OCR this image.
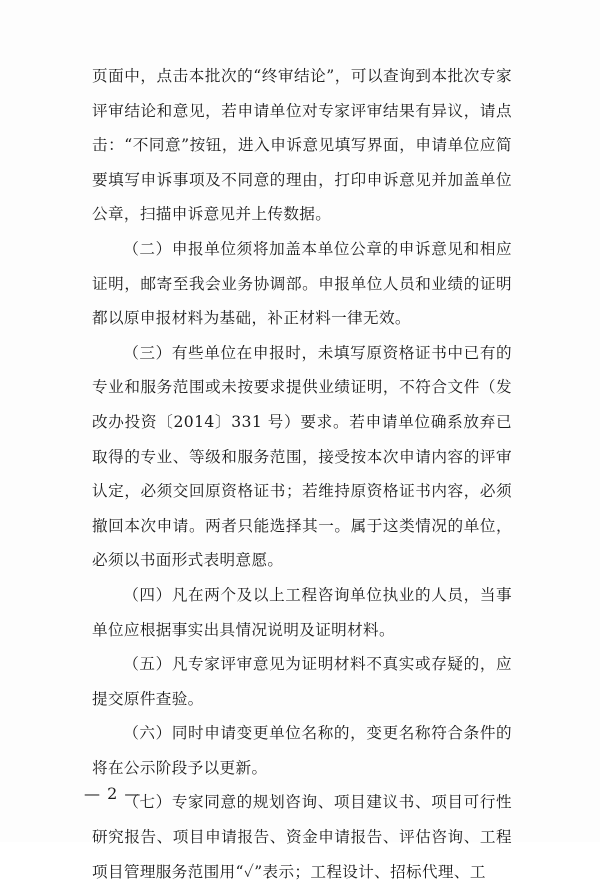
页面中，点击本批次的“终审结论”，可以查询到本批次专家评审结论和意见，若申请单位对专家评审结果有异议，请点击：“不同意”按钮，进入申诉意见填写界面，申请单位应简要填写申诉事项及不同意的理由，打印申诉意见并加盖单位公章，扫描申诉意见并上传数据。

（二）申报单位须将加盖本单位公章的申诉意见和相应证明，邮寄至我会业务协调部。申报单位人员和业绩的证明都以原申报材料为基础，补正材料一律无效。

（三）有些单位在申报时，未填写原资格证书中已有的专业和服务范围或未按要求提供业绩证明，不符合文件（发改办投资〔2014〕331 号）要求。若申请单位确系放弃已取得的专业、等级和服务范围，接受按本次申请内容的评审认定，必须交回原资格证书；若维持原资格证书内容，必须撤回本次申请。两者只能选择其一。属于这类情况的单位，必须以书面形式表明意愿。

（四）凡在两个及以上工程咨询单位执业的人员，当事单位应根据事实出具情况说明及证明材料。

（五）凡专家评审意见为证明材料不真实或存疑的，应提交原件查验。

（六）同时申请变更单位名称的，变更名称符合条件的将在公示阶段予以更新。

（七）专家同意的规划咨询、项目建议书、项目可行性研究报告、项目申请报告、资金申请报告、评估咨询、工程项目管理服务范围用“✓”表示；工程设计、招标代理、工

— 2 —
